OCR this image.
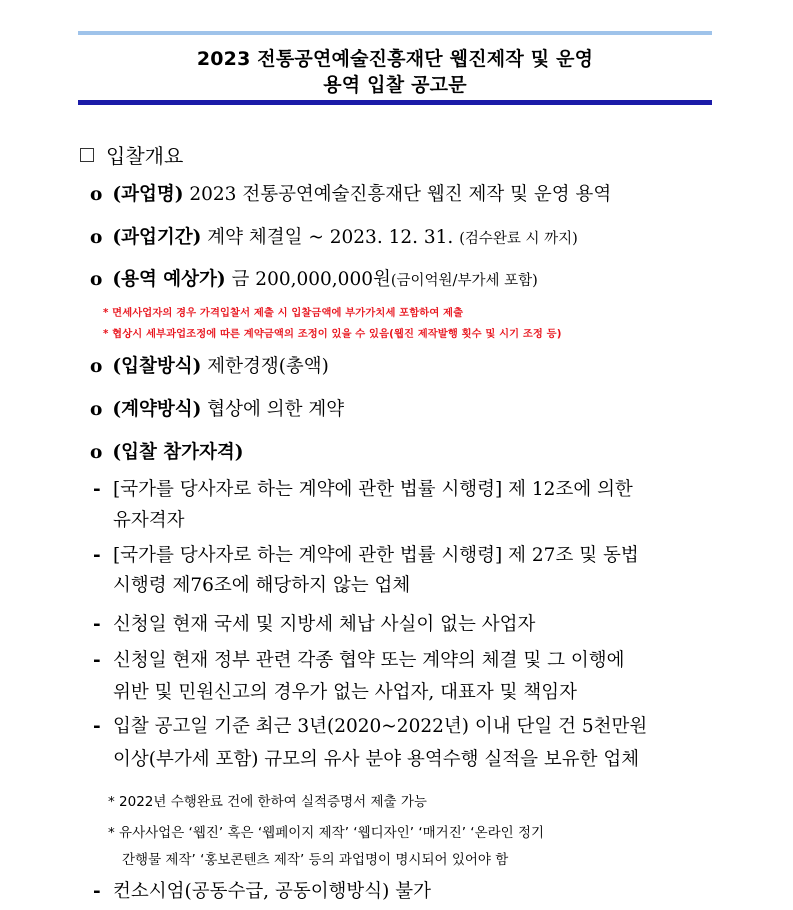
2023 전통공연예술진흥재단 웹진제작 및 운영
용역 입찰 공고문
입찰개요
o (과업명) 2023 전통공연예술진흥재단 웹진 제작 및 운영 용역
o (과업기간) 계약 체결일 ~ 2023. 12. 31. (검수완료 시 까지)
o (용역 예상가) 금 200,000,000원(금이억원/부가세 포함)
* 면세사업자의 경우 가격입찰서 제출 시 입찰금액에 부가가치세 포함하여 제출
* 협상시 세부과업조정에 따른 계약금액의 조정이 있을 수 있음(웹진 제작발행 횟수 및 시기 조정 등)
o (입찰방식) 제한경쟁(총액)
o (계약방식) 협상에 의한 계약
o (입찰 참가자격)
- [국가를 당사자로 하는 계약에 관한 법률 시행령] 제 12조에 의한
유자격자
- [국가를 당사자로 하는 계약에 관한 법률 시행령] 제 27조 및 동법
시행령 제76조에 해당하지 않는 업체
- 신청일 현재 국세 및 지방세 체납 사실이 없는 사업자
- 신청일 현재 정부 관련 각종 협약 또는 계약의 체결 및 그 이행에
위반 및 민원신고의 경우가 없는 사업자, 대표자 및 책임자
- 입찰 공고일 기준 최근 3년(2020~2022년) 이내 단일 건 5천만원
이상(부가세 포함) 규모의 유사 분야 용역수행 실적을 보유한 업체
* 2022년 수행완료 건에 한하여 실적증명서 제출 가능
* 유사사업은 ‘웹진’ 혹은 ‘웹페이지 제작’ ‘웹디자인’ ‘매거진’ ‘온라인 정기
간행물 제작’ ‘홍보콘텐츠 제작’ 등의 과업명이 명시되어 있어야 함
- 컨소시엄(공동수급, 공동이행방식) 불가
